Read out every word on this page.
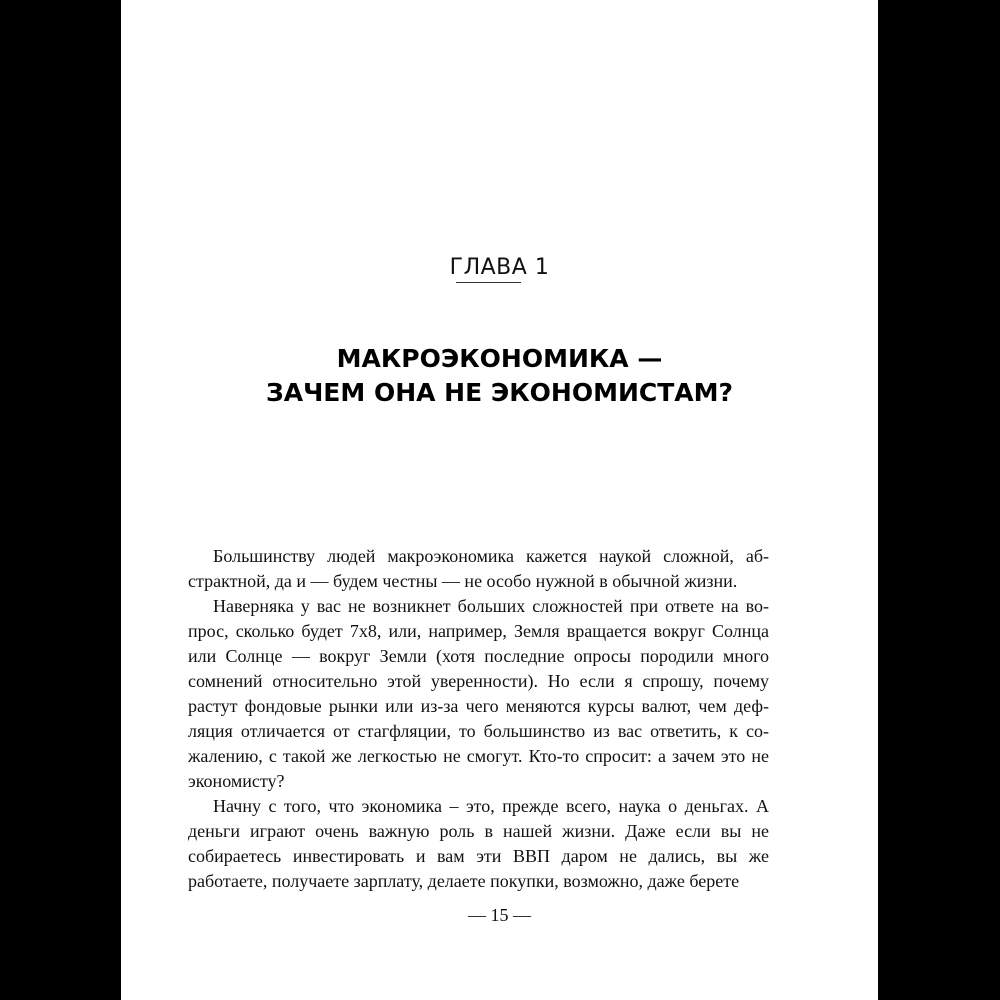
ГЛАВА 1
МАКРОЭКОНОМИКА —
ЗАЧЕМ ОНА НЕ ЭКОНОМИСТАМ?

Большинству людей макроэкономика кажется наукой сложной, абстрактной, да и — будем честны — не особо нужной в обычной жизни.

Наверняка у вас не возникнет больших сложностей при ответе на вопрос, сколько будет 7х8, или, например, Земля вращается вокруг Солнца или Солнце — вокруг Земли (хотя последние опросы породили много сомнений относительно этой уверенности). Но если я спрошу, почему растут фондовые рынки или из-за чего меняются курсы валют, чем дефляция отличается от стагфляции, то большинство из вас ответить, к сожалению, с такой же легкостью не смогут. Кто-то спросит: а зачем это не экономисту?

Начну с того, что экономика – это, прежде всего, наука о деньгах. А деньги играют очень важную роль в нашей жизни. Даже если вы не собираетесь инвестировать и вам эти ВВП даром не дались, вы же работаете, получаете зарплату, делаете покупки, возможно, даже берете

— 15 —
